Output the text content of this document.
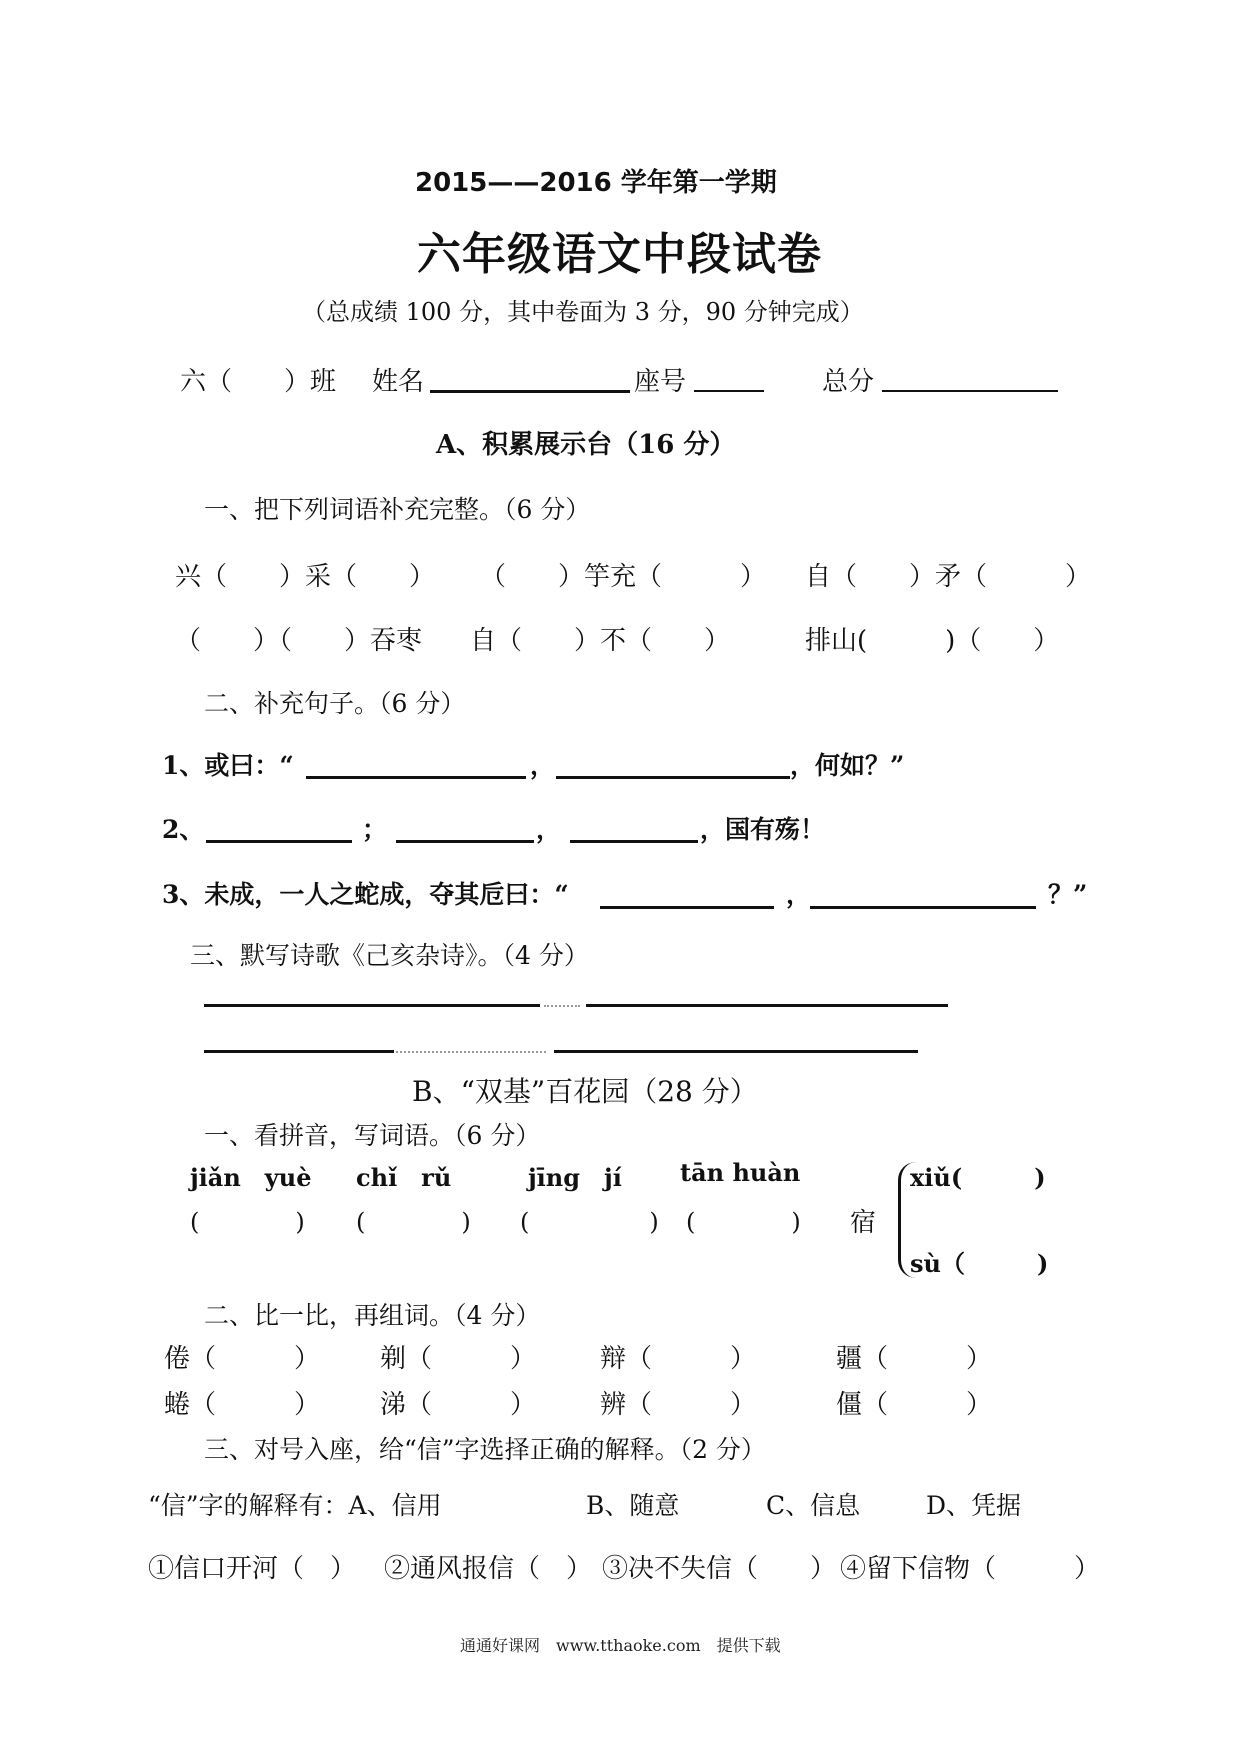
2015——2016 学年第一学期
六年级语文中段试卷
（总成绩 100 分，其中卷面为 3 分，90 分钟完成）
六（　　）班 姓名	座号	总分
A、积累展示台（16 分）
一、把下列词语补充完整。（6 分）
兴（　　）采（　　） （　　）竽充（　　　） 自（　　）矛（　　　）
（　　）（　　）吞枣 自（　　）不（　　）	排山(　　　)（　　）
二、补充句子。（6 分）
1、或曰：“	，	，何如？”
2、	；	，	，国有殇！
3、未成，一人之蛇成，夺其卮曰：“	，	？”
三、默写诗歌《己亥杂诗》。（4 分）
B、“双基”百花园（28 分）
一、看拼音，写词语。（6 分）
jiǎn　yuè chǐ　rǔ	jīng　jí tān huàn
(　　　　) (　　　　) (　　　　　) (　　　　) 宿
xiǔ(　　　)
sù（　　　)
二、比一比，再组词。（4 分）
倦（　　　） 剃（　　　） 辩（　　　）	疆（　　　）
蜷（　　　） 涕（　　　） 辨（　　　）	僵（　　　）
三、对号入座，给“信”字选择正确的解释。（2 分）
“信”字的解释有：A、信用	B、随意	C、信息	D、凭据
①信口开河（　） ②通风报信（　） ③决不失信（　　） ④留下信物（　　　）
通通好课网　www.tthaoke.com　提供下载
